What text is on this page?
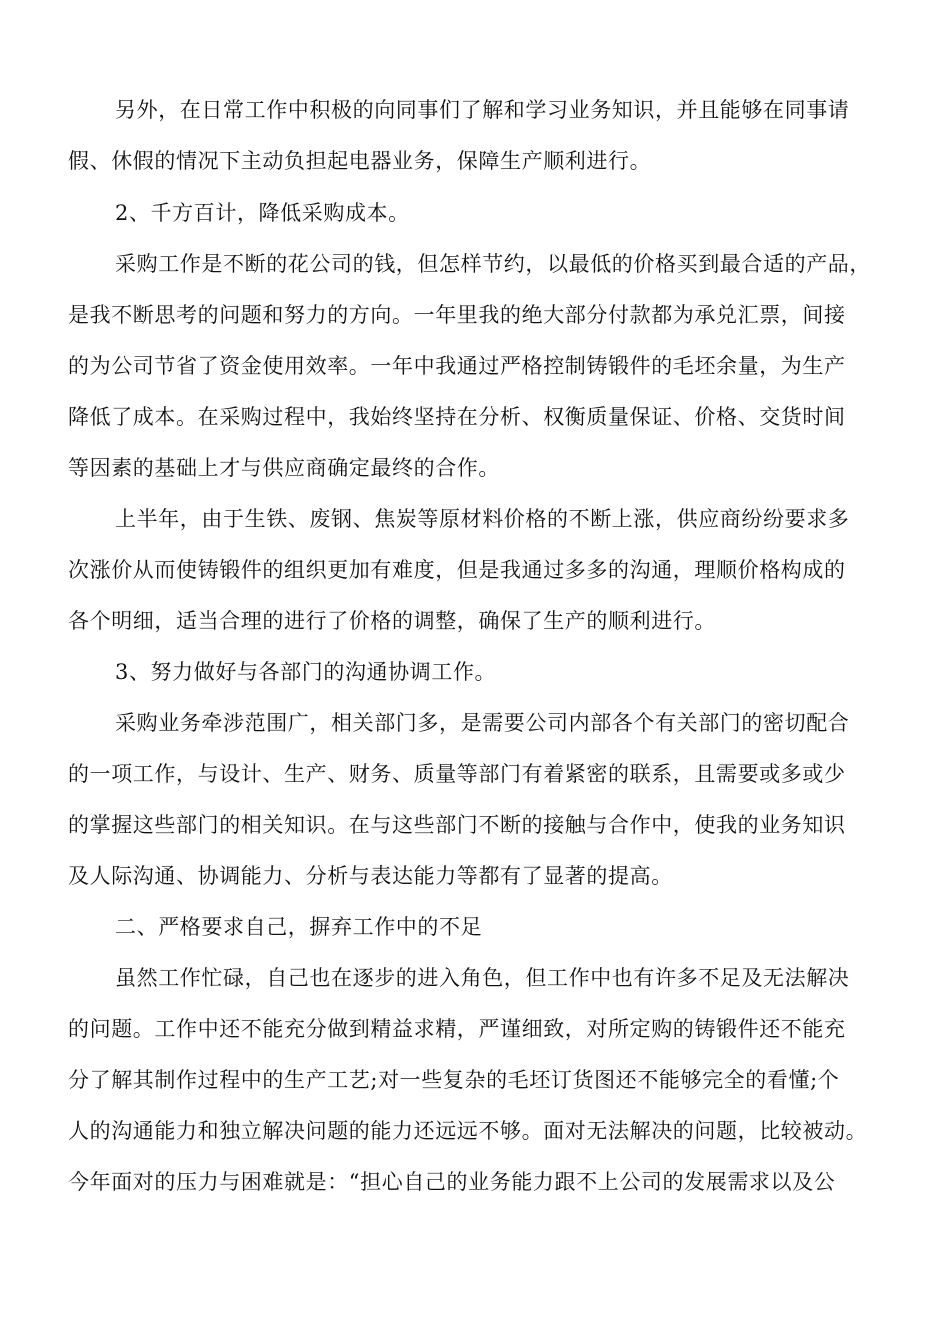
另外，在日常工作中积极的向同事们了解和学习业务知识，并且能够在同事请
假、休假的情况下主动负担起电器业务，保障生产顺利进行。
2、千方百计，降低采购成本。
采购工作是不断的花公司的钱，但怎样节约，以最低的价格买到最合适的产品，
是我不断思考的问题和努力的方向。一年里我的绝大部分付款都为承兑汇票，间接
的为公司节省了资金使用效率。一年中我通过严格控制铸锻件的毛坯余量，为生产
降低了成本。在采购过程中，我始终坚持在分析、权衡质量保证、价格、交货时间
等因素的基础上才与供应商确定最终的合作。
上半年，由于生铁、废钢、焦炭等原材料价格的不断上涨，供应商纷纷要求多
次涨价从而使铸锻件的组织更加有难度，但是我通过多多的沟通，理顺价格构成的
各个明细，适当合理的进行了价格的调整，确保了生产的顺利进行。
3、努力做好与各部门的沟通协调工作。
采购业务牵涉范围广，相关部门多，是需要公司内部各个有关部门的密切配合
的一项工作，与设计、生产、财务、质量等部门有着紧密的联系，且需要或多或少
的掌握这些部门的相关知识。在与这些部门不断的接触与合作中，使我的业务知识
及人际沟通、协调能力、分析与表达能力等都有了显著的提高。
二、严格要求自己，摒弃工作中的不足
虽然工作忙碌，自己也在逐步的进入角色，但工作中也有许多不足及无法解决
的问题。工作中还不能充分做到精益求精，严谨细致，对所定购的铸锻件还不能充
分了解其制作过程中的生产工艺;对一些复杂的毛坯订货图还不能够完全的看懂;个
人的沟通能力和独立解决问题的能力还远远不够。面对无法解决的问题，比较被动。
今年面对的压力与困难就是：“担心自己的业务能力跟不上公司的发展需求以及公
